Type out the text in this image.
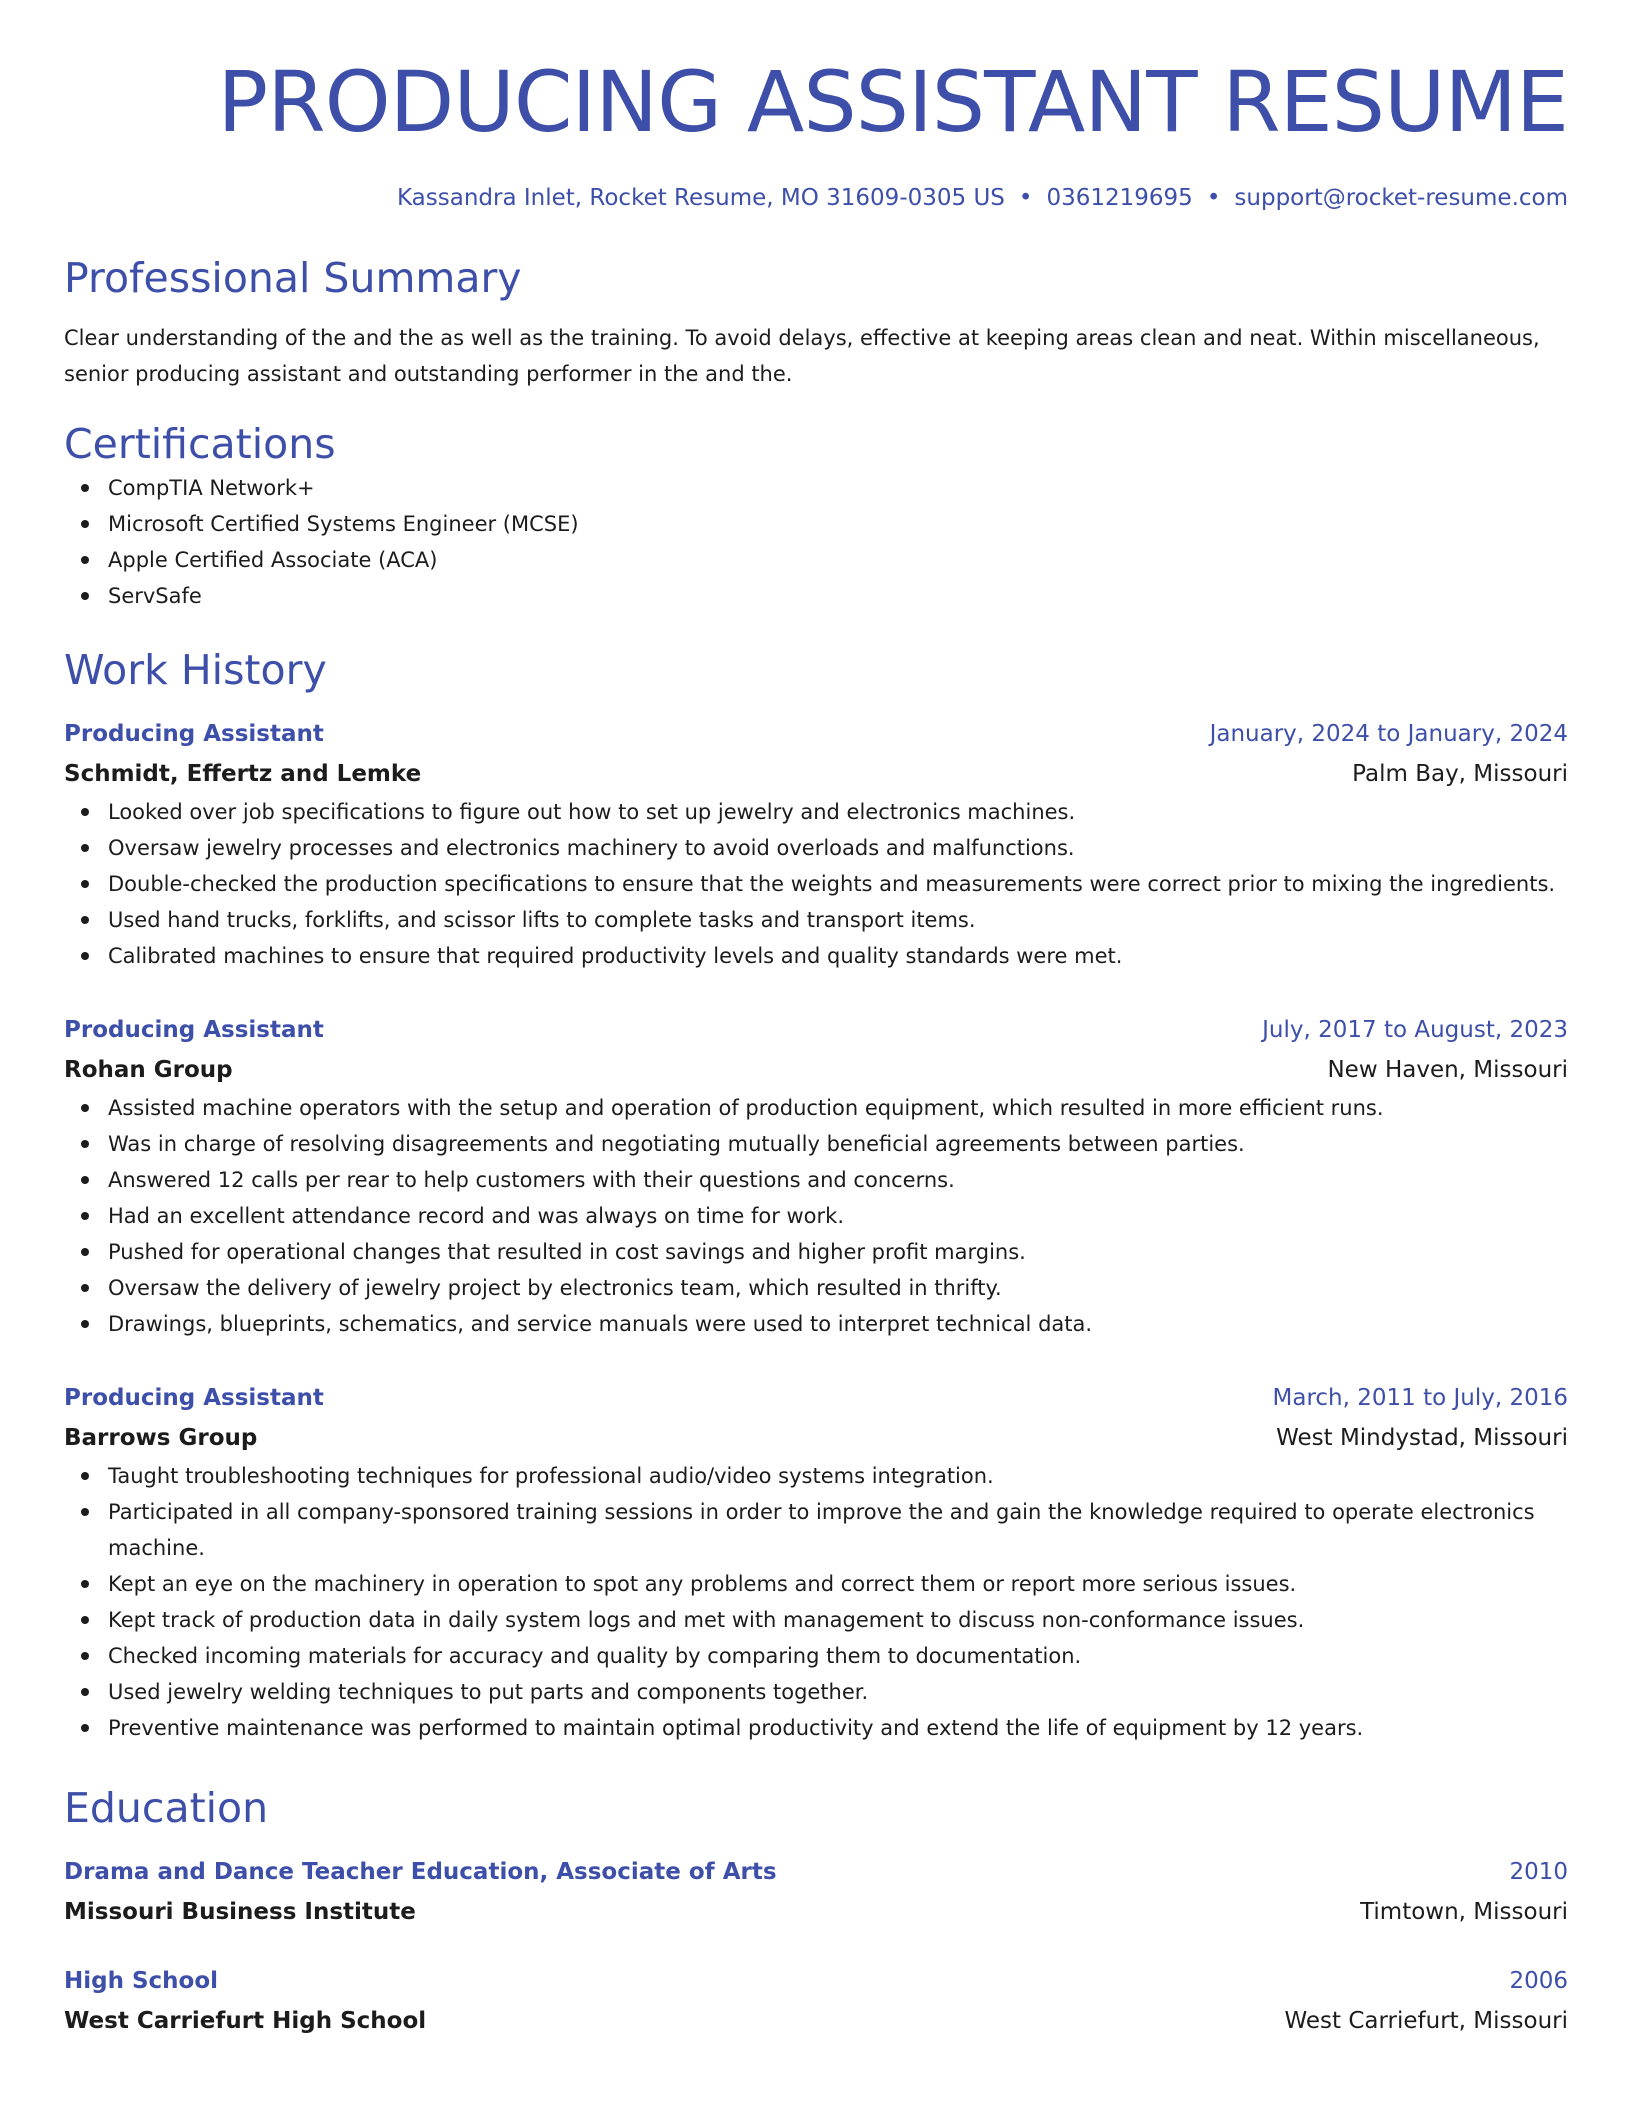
PRODUCING ASSISTANT RESUME
Kassandra Inlet, Rocket Resume, MO 31609-0305 US • 0361219695 • support@rocket-resume.com
Professional Summary

Clear understanding of the and the as well as the training. To avoid delays, effective at keeping areas clean and neat. Within miscellaneous, senior producing assistant and outstanding performer in the and the.

Certifications
CompTIA Network+
Microsoft Certified Systems Engineer (MCSE)
Apple Certified Associate (ACA)
ServSafe
Work History
Producing Assistant	January, 2024 to January, 2024
Schmidt, Effertz and Lemke	Palm Bay, Missouri
Looked over job specifications to figure out how to set up jewelry and electronics machines.
Oversaw jewelry processes and electronics machinery to avoid overloads and malfunctions.
Double-checked the production specifications to ensure that the weights and measurements were correct prior to mixing the ingredients.
Used hand trucks, forklifts, and scissor lifts to complete tasks and transport items.
Calibrated machines to ensure that required productivity levels and quality standards were met.
Producing Assistant	July, 2017 to August, 2023
Rohan Group	New Haven, Missouri
Assisted machine operators with the setup and operation of production equipment, which resulted in more efficient runs.
Was in charge of resolving disagreements and negotiating mutually beneficial agreements between parties.
Answered 12 calls per rear to help customers with their questions and concerns.
Had an excellent attendance record and was always on time for work.
Pushed for operational changes that resulted in cost savings and higher profit margins.
Oversaw the delivery of jewelry project by electronics team, which resulted in thrifty.
Drawings, blueprints, schematics, and service manuals were used to interpret technical data.
Producing Assistant	March, 2011 to July, 2016
Barrows Group	West Mindystad, Missouri
Taught troubleshooting techniques for professional audio/video systems integration.
Participated in all company-sponsored training sessions in order to improve the and gain the knowledge required to operate electronics machine.
Kept an eye on the machinery in operation to spot any problems and correct them or report more serious issues.
Kept track of production data in daily system logs and met with management to discuss non-conformance issues.
Checked incoming materials for accuracy and quality by comparing them to documentation.
Used jewelry welding techniques to put parts and components together.
Preventive maintenance was performed to maintain optimal productivity and extend the life of equipment by 12 years.
Education
Drama and Dance Teacher Education, Associate of Arts	2010
Missouri Business Institute	Timtown, Missouri
High School	2006
West Carriefurt High School	West Carriefurt, Missouri
